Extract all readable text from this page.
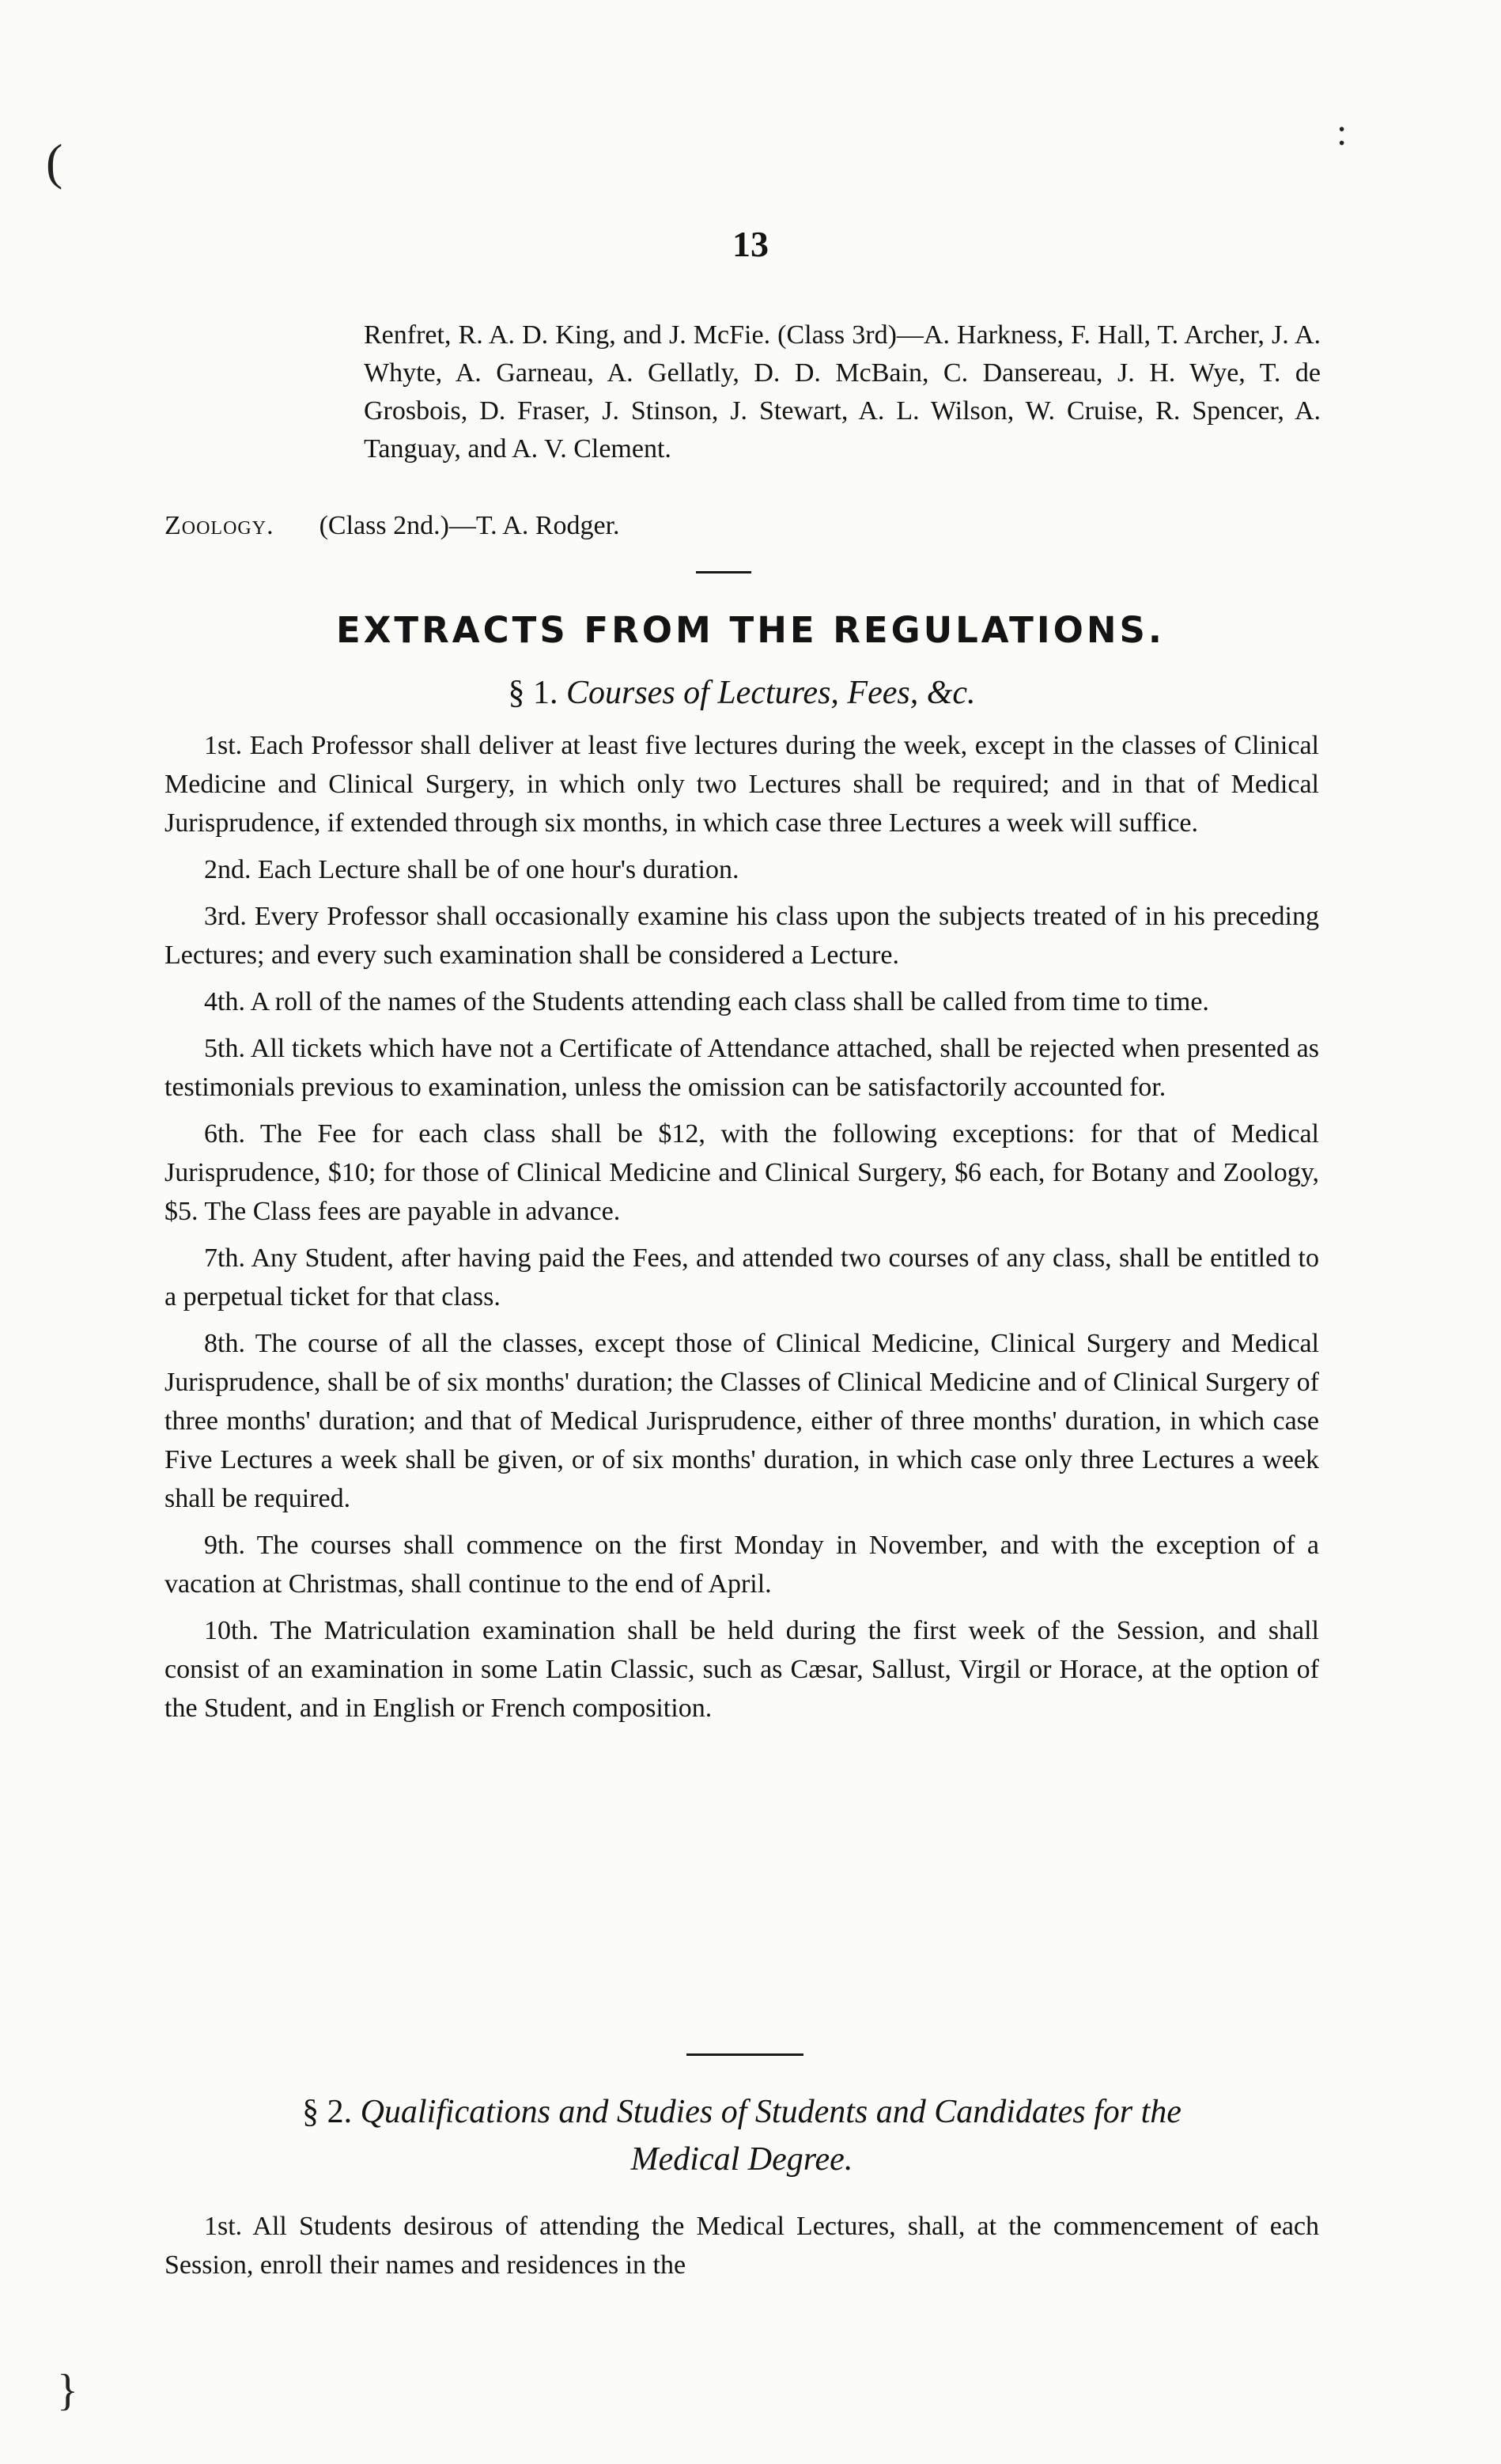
(
:
}
13
Renfret, R. A. D. King, and J. McFie. (Class 3rd)—A. Harkness, F. Hall, T. Archer, J. A. Whyte, A. Garneau, A. Gellatly, D. D. McBain, C. Dansereau, J. H. Wye, T. de Grosbois, D. Fraser, J. Stinson, J. Stewart, A. L. Wilson, W. Cruise, R. Spencer, A. Tanguay, and A. V. Clement.
Zoology. (Class 2nd.)—T. A. Rodger.
EXTRACTS FROM THE REGULATIONS.
§ 1. Courses of Lectures, Fees, &c.

1st. Each Professor shall deliver at least five lectures during the week, except in the classes of Clinical Medicine and Clinical Surgery, in which only two Lectures shall be required; and in that of Medical Jurisprudence, if extended through six months, in which case three Lectures a week will suffice.

2nd. Each Lecture shall be of one hour's duration.

3rd. Every Professor shall occasionally examine his class upon the subjects treated of in his preceding Lectures; and every such examination shall be considered a Lecture.

4th. A roll of the names of the Students attending each class shall be called from time to time.

5th. All tickets which have not a Certificate of Attendance attached, shall be rejected when presented as testimonials previous to examination, unless the omission can be satisfactorily accounted for.

6th. The Fee for each class shall be $12, with the following exceptions: for that of Medical Jurisprudence, $10; for those of Clinical Medicine and Clinical Surgery, $6 each, for Botany and Zoology, $5. The Class fees are payable in advance.

7th. Any Student, after having paid the Fees, and attended two courses of any class, shall be entitled to a perpetual ticket for that class.

8th. The course of all the classes, except those of Clinical Medicine, Clinical Surgery and Medical Jurisprudence, shall be of six months' duration; the Classes of Clinical Medicine and of Clinical Surgery of three months' duration; and that of Medical Jurisprudence, either of three months' duration, in which case Five Lectures a week shall be given, or of six months' duration, in which case only three Lectures a week shall be required.

9th. The courses shall commence on the first Monday in November, and with the exception of a vacation at Christmas, shall continue to the end of April.

10th. The Matriculation examination shall be held during the first week of the Session, and shall consist of an examination in some Latin Classic, such as Cæsar, Sallust, Virgil or Horace, at the option of the Student, and in English or French composition.

§ 2. Qualifications and Studies of Students and Candidates for the
Medical Degree.

1st. All Students desirous of attending the Medical Lectures, shall, at the commencement of each Session, enroll their names and residences in the
